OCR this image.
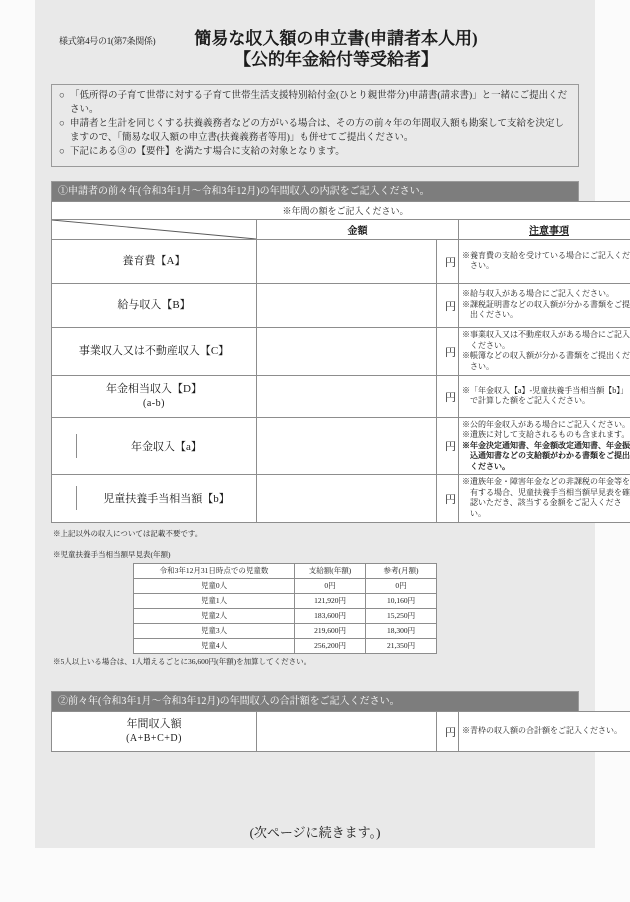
様式第4号の1(第7条関係)	簡易な収入額の申立書(申請者本人用)
【公的年金給付等受給者】
○ 「低所得の子育て世帯に対する子育て世帯生活支援特別給付金(ひとり親世帯分)申請書(請求書)」と一緒にご提出ください。
○ 申請者と生計を同じくする扶養義務者などの方がいる場合は、その方の前々年の年間収入額も勘案して支給を決定しますので、「簡易な収入額の申立書(扶養義務者等用)」も併せてご提出ください。
○ 下記にある③の【要件】を満たす場合に支給の対象となります。
①申請者の前々年(令和3年1月～令和3年12月)の年間収入の内訳をご記入ください。
※年間の額をご記入ください。			

	金額		注意事項
養育費【A】		円	※養育費の支給を受けている場合にご記入ください。

給与収入【B】		円	※給与収入がある場合にご記入ください。

※課税証明書などの収入額が分かる書類をご提出ください。

事業収入又は不動産収入【C】		円	※事業収入又は不動産収入がある場合にご記入ください。

※帳簿などの収入額が分かる書類をご提出ください。

年金相当収入【D】
(a-b)		円	※「年金収入【a】-児童扶養手当相当額【b】」で計算した額をご記入ください。

年金収入【a】		円	※公的年金収入がある場合にご記入ください。

※遺族に対して支給されるものも含まれます。

※年金決定通知書、年金額改定通知書、年金振込通知書などの支給額がわかる書類をご提出ください。

児童扶養手当相当額【b】		円	※遺族年金・障害年金などの非課税の年金等を有する場合、児童扶養手当相当額早見表を確認いただき、該当する金額をご記入ください。

※上記以外の収入については記載不要です。
※児童扶養手当相当額早見表(年額)
令和3年12月31日時点での児童数	支給額(年額)	参考(月額)
児童0人	0円	0円
児童1人	121,920円	10,160円
児童2人	183,600円	15,250円
児童3人	219,600円	18,300円
児童4人	256,200円	21,350円
※5人以上いる場合は、1人増えるごとに36,600円(年額)を加算してください。
②前々年(令和3年1月～令和3年12月)の年間収入の合計額をご記入ください。
年間収入額
(A+B+C+D)		円	※青枠の収入額の合計額をご記入ください。

(次ページに続きます。)
